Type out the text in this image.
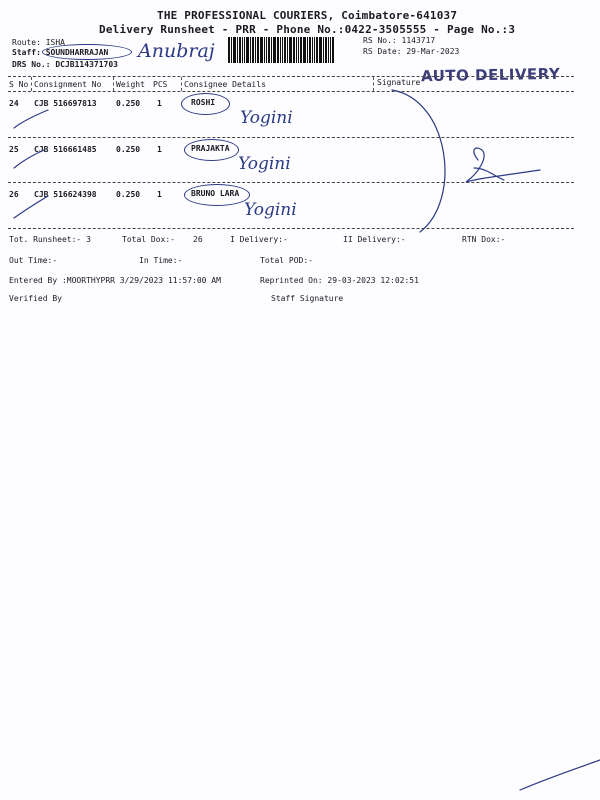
THE PROFESSIONAL COURIERS, Coimbatore-641037
Delivery Runsheet - PRR - Phone No.:0422-3505555 - Page No.:3
Route: ISHA
Staff: SOUNDHARRAJAN
DRS No.: DCJB114371703
Anubraj	RS No.: 1143717
RS Date: 29-Mar-2023
AUTO DELIVERY
S No Consignment No Weight PCS Consignee Details	Signature
24 CJB 516697813 0.250 1	ROSHI
Yogini
25 CJB 516661485 0.250 1	PRAJAKTA
Yogini
26 CJB 516624398 0.250 1	BRUNO LARA
Yogini
Tot. Runsheet:- 3	Total Dox:- 26	I Delivery:-	II Delivery:-	RTN Dox:-
Out Time:-	In Time:-	Total POD:-
Entered By :MOORTHYPRR 3/29/2023 11:57:00 AM	Reprinted On: 29-03-2023 12:02:51
Verified By	Staff Signature
